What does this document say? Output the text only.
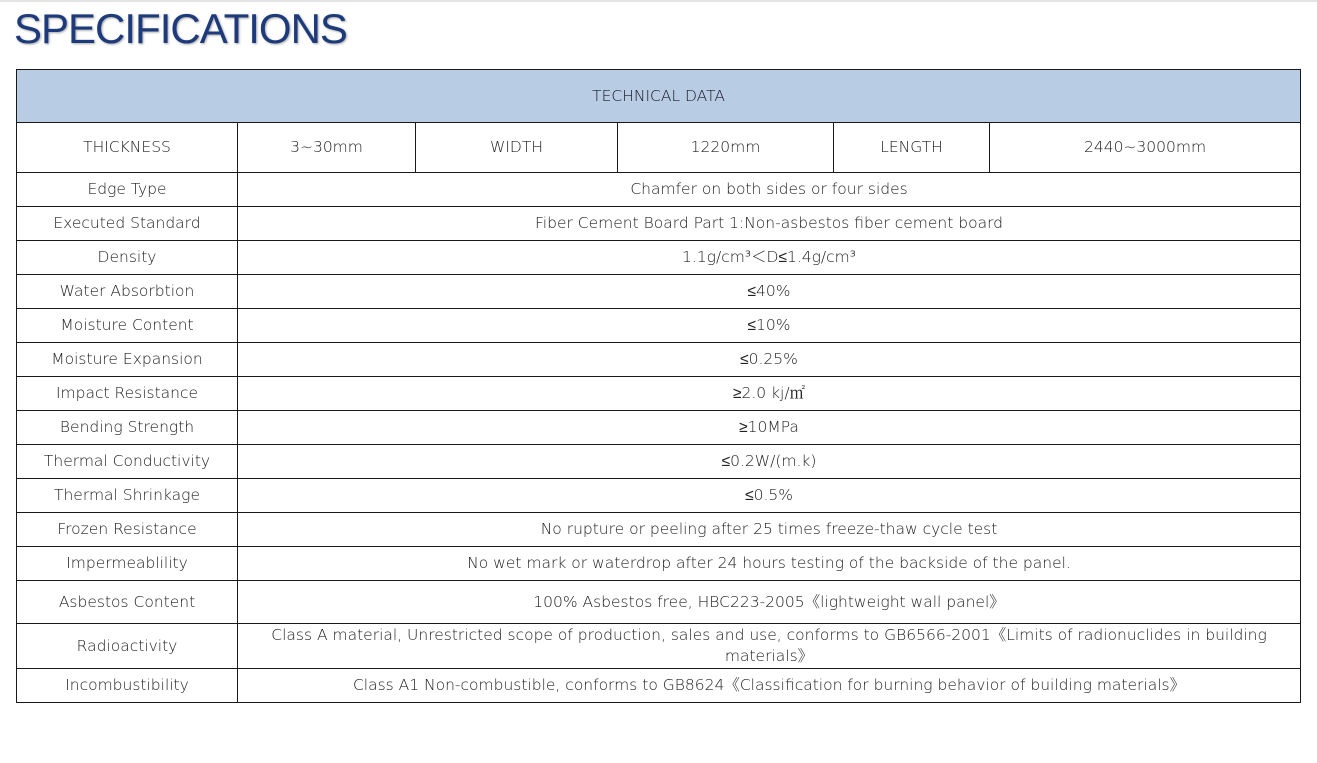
SPECIFICATIONS
TECHNICAL DATA					
THICKNESS	3~30mm	WIDTH	1220mm	LENGTH	2440~3000mm
Edge Type	Chamfer on both sides or four sides				
Executed Standard	Fiber Cement Board Part 1:Non-asbestos fiber cement board				
Density	1.1g/cm³＜D≤1.4g/cm³				
Water Absorbtion	≤40%				
Moisture Content	≤10%				
Moisture Expansion	≤0.25%				
Impact Resistance	≥2.0 kj/㎡				
Bending Strength	≥10MPa				
Thermal Conductivity	≤0.2W/(m.k)				
Thermal Shrinkage	≤0.5%				
Frozen Resistance	No rupture or peeling after 25 times freeze-thaw cycle test				
Impermeablility	No wet mark or waterdrop after 24 hours testing of the backside of the panel.				
Asbestos Content	100% Asbestos free, HBC223-2005《lightweight wall panel》				
Radioactivity	Class A material, Unrestricted scope of production, sales and use, conforms to GB6566-2001《Limits of radionuclides in building materials》				
Incombustibility	Class A1 Non-combustible, conforms to GB8624《Classification for burning behavior of building materials》				
